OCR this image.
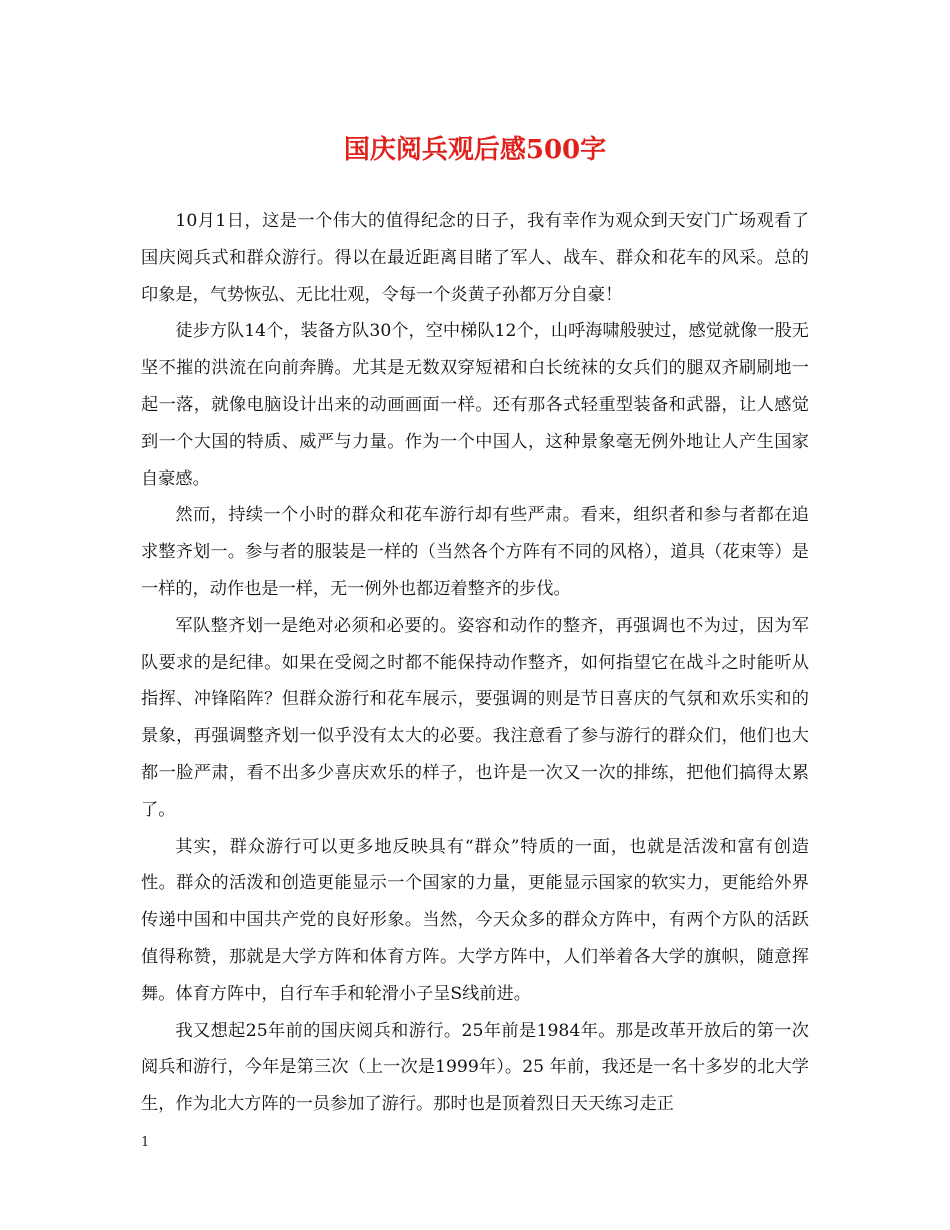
国庆阅兵观后感500字

10月1日，这是一个伟大的值得纪念的日子，我有幸作为观众到天安门广场观看了国庆阅兵式和群众游行。得以在最近距离目睹了军人、战车、群众和花车的风采。总的印象是，气势恢弘、无比壮观，令每一个炎黄子孙都万分自豪！

徒步方队14个，装备方队30个，空中梯队12个，山呼海啸般驶过，感觉就像一股无坚不摧的洪流在向前奔腾。尤其是无数双穿短裙和白长统袜的女兵们的腿双齐刷刷地一起一落，就像电脑设计出来的动画画面一样。还有那各式轻重型装备和武器，让人感觉到一个大国的特质、威严与力量。作为一个中国人，这种景象毫无例外地让人产生国家自豪感。

然而，持续一个小时的群众和花车游行却有些严肃。看来，组织者和参与者都在追求整齐划一。参与者的服装是一样的（当然各个方阵有不同的风格），道具（花束等）是一样的，动作也是一样，无一例外也都迈着整齐的步伐。

军队整齐划一是绝对必须和必要的。姿容和动作的整齐，再强调也不为过，因为军队要求的是纪律。如果在受阅之时都不能保持动作整齐，如何指望它在战斗之时能听从指挥、冲锋陷阵？但群众游行和花车展示，要强调的则是节日喜庆的气氛和欢乐实和的景象，再强调整齐划一似乎没有太大的必要。我注意看了参与游行的群众们，他们也大都一脸严肃，看不出多少喜庆欢乐的样子，也许是一次又一次的排练，把他们搞得太累了。

其实，群众游行可以更多地反映具有“群众”特质的一面，也就是活泼和富有创造性。群众的活泼和创造更能显示一个国家的力量，更能显示国家的软实力，更能给外界传递中国和中国共产党的良好形象。当然，今天众多的群众方阵中，有两个方队的活跃值得称赞，那就是大学方阵和体育方阵。大学方阵中，人们举着各大学的旗帜，随意挥舞。体育方阵中，自行车手和轮滑小子呈S线前进。

我又想起25年前的国庆阅兵和游行。25年前是1984年。那是改革开放后的第一次阅兵和游行，今年是第三次（上一次是1999年）。25 年前，我还是一名十多岁的北大学生，作为北大方阵的一员参加了游行。那时也是顶着烈日天天练习走正

1
